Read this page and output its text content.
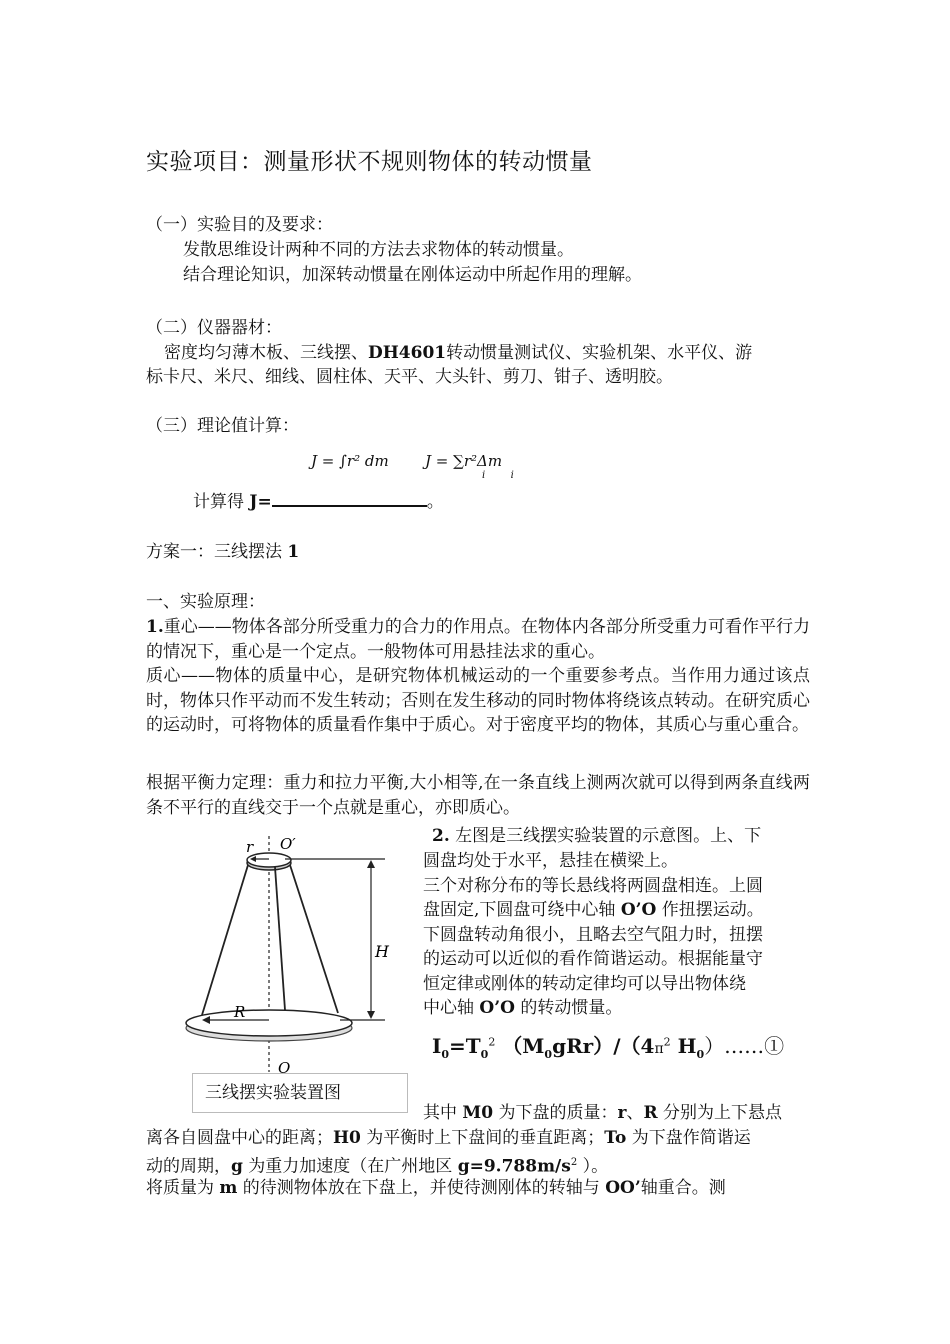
实验项目：测量形状不规则物体的转动惯量
（一）实验目的及要求：
发散思维设计两种不同的方法去求物体的转动惯量。
结合理论知识，加深转动惯量在刚体运动中所起作用的理解。
（二）仪器器材：
密度均匀薄木板、三线摆、DH4601转动惯量测试仪、实验机架、水平仪、游
标卡尺、米尺、细线、圆柱体、天平、大头针、剪刀、钳子、透明胶。
（三）理论值计算：
J = ∫r² dm J = ∑r²Δm
i        i
计算得 J=	。
方案一：三线摆法 1
一、实验原理：
1.重心——物体各部分所受重力的合力的作用点。在物体内各部分所受重力可看作平行力的情况下，重心是一个定点。一般物体可用悬挂法求的重心。
质心——物体的质量中心，是研究物体机械运动的一个重要参考点。当作用力通过该点时，物体只作平动而不发生转动；否则在发生移动的同时物体将绕该点转动。在研究质心的运动时，可将物体的质量看作集中于质心。对于密度平均的物体，其质心与重心重合。
根据平衡力定理：重力和拉力平衡,大小相等,在一条直线上测两次就可以得到两条直线两条不平行的直线交于一个点就是重心，亦即质心。
r O′
H
R
O
三线摆实验装置图
2. 左图是三线摆实验装置的示意图。上、下
圆盘均处于水平，悬挂在横梁上。
三个对称分布的等长悬线将两圆盘相连。上圆
盘固定,下圆盘可绕中心轴 O’O 作扭摆运动。
下圆盘转动角很小，且略去空气阻力时，扭摆
的运动可以近似的看作简谐运动。根据能量守
恒定律或刚体的转动定律均可以导出物体绕
中心轴 O’O 的转动惯量。
$I_0=T_0^2$ $(M_0gRr)/(4\pi^2$ $H_0)\dots\dots ①$
其中 M0 为下盘的质量：r、R 分别为上下悬点
离各自圆盘中心的距离；H0 为平衡时上下盘间的垂直距离；To 为下盘作简谐运
动的周期，g 为重力加速度（在广州地区 $g=9.788m/s^2$ ）。
将质量为 m 的待测物体放在下盘上，并使待测刚体的转轴与 OO’轴重合。测
